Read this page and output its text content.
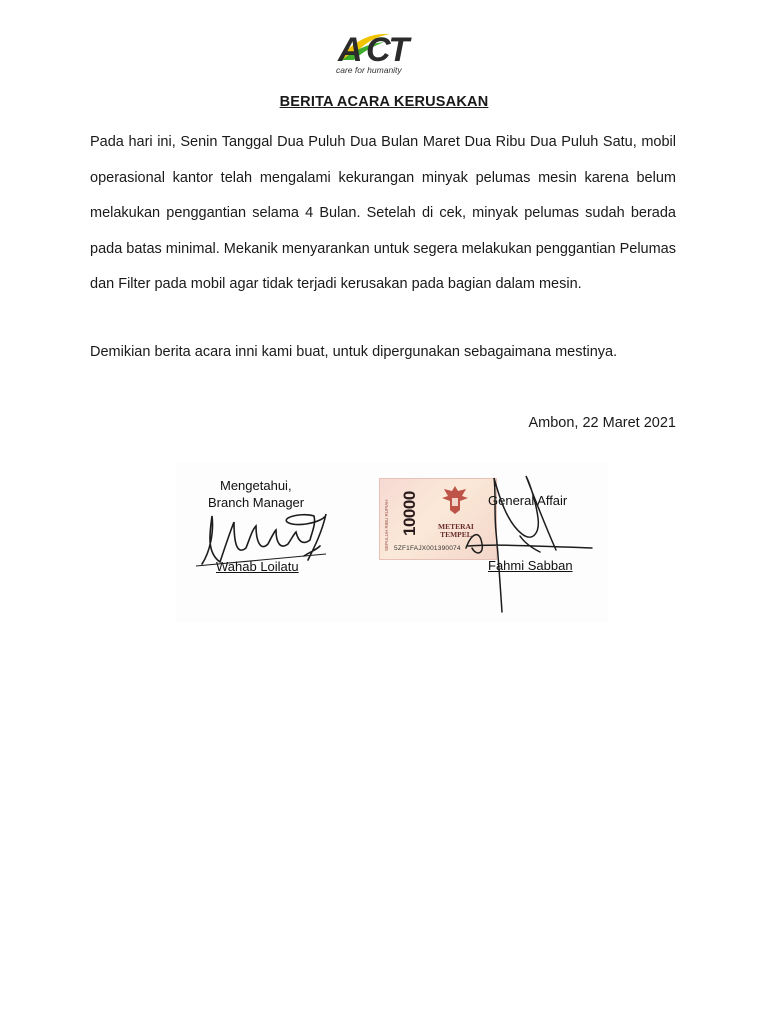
A CT
care for humanity
BERITA ACARA KERUSAKAN

Pada hari ini, Senin Tanggal Dua Puluh Dua Bulan Maret Dua Ribu Dua Puluh Satu, mobil operasional kantor telah mengalami kekurangan minyak pelumas mesin karena belum melakukan penggantian selama 4 Bulan. Setelah di cek, minyak pelumas sudah berada pada batas minimal. Mekanik menyarankan untuk segera melakukan penggantian Pelumas dan Filter pada mobil agar tidak terjadi kerusakan pada bagian dalam mesin.

Demikian berita acara inni kami buat, untuk dipergunakan sebagaimana mestinya.

Ambon, 22 Maret 2021
Mengetahui,
Branch Manager
Wahab Loilatu
SEPULUH RIBU RUPIAH 10000	METERAI
TEMPEL
5ZF1FAJX001390074
General Affair
Fahmi Sabban
